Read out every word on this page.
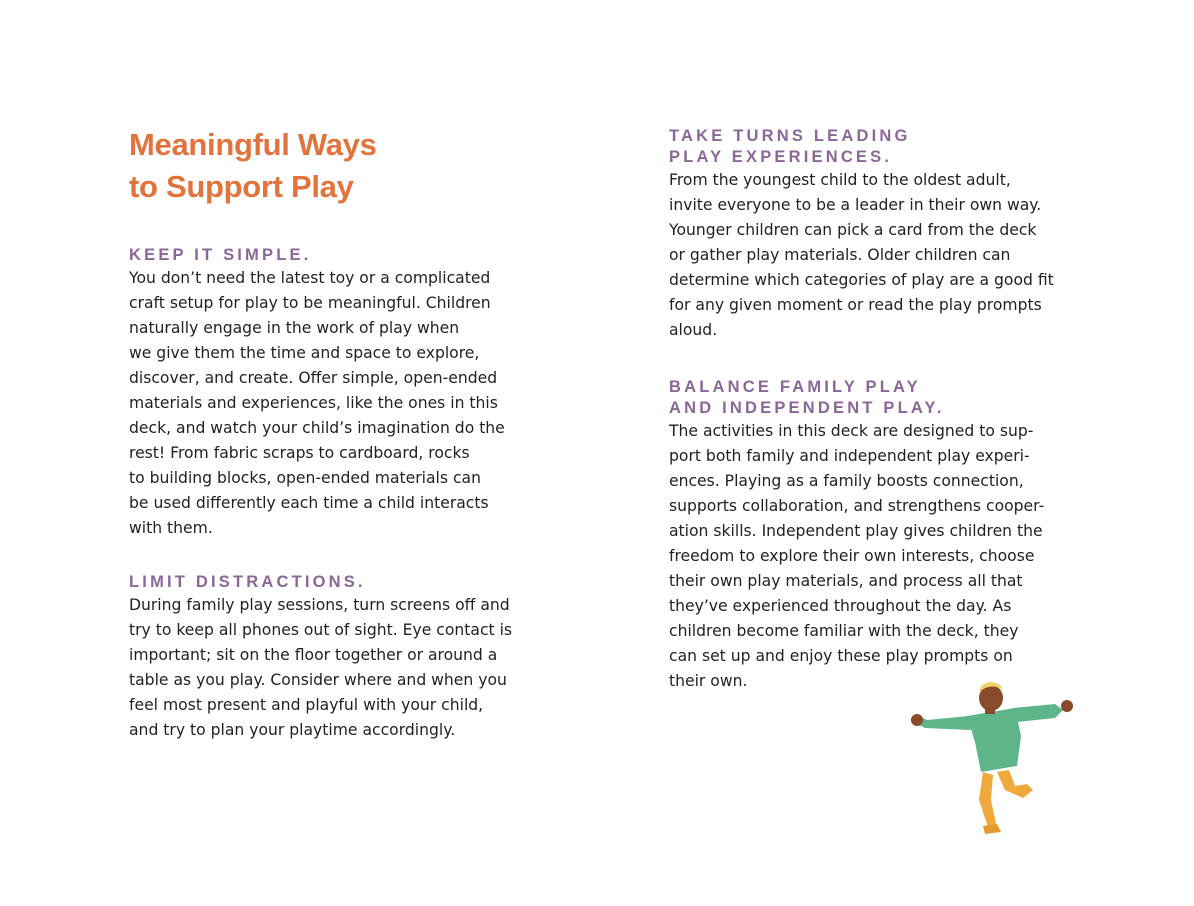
Meaningful Ways
to Support Play
KEEP IT SIMPLE.

You don’t need the latest toy or a complicated
craft setup for play to be meaningful. Children
naturally engage in the work of play when
we give them the time and space to explore,
discover, and create. Offer simple, open-ended
materials and experiences, like the ones in this
deck, and watch your child’s imagination do the
rest! From fabric scraps to cardboard, rocks
to building blocks, open-ended materials can
be used differently each time a child interacts
with them.

LIMIT DISTRACTIONS.

During family play sessions, turn screens off and
try to keep all phones out of sight. Eye contact is
important; sit on the floor together or around a
table as you play. Consider where and when you
feel most present and playful with your child,
and try to plan your playtime accordingly.

TAKE TURNS LEADING
PLAY EXPERIENCES.

From the youngest child to the oldest adult,
invite everyone to be a leader in their own way.
Younger children can pick a card from the deck
or gather play materials. Older children can
determine which categories of play are a good fit
for any given moment or read the play prompts
aloud.

BALANCE FAMILY PLAY
AND INDEPENDENT PLAY.

The activities in this deck are designed to sup-
port both family and independent play experi-
ences. Playing as a family boosts connection,
supports collaboration, and strengthens cooper-
ation skills. Independent play gives children the
freedom to explore their own interests, choose
their own play materials, and process all that
they’ve experienced throughout the day. As
children become familiar with the deck, they
can set up and enjoy these play prompts on
their own.
